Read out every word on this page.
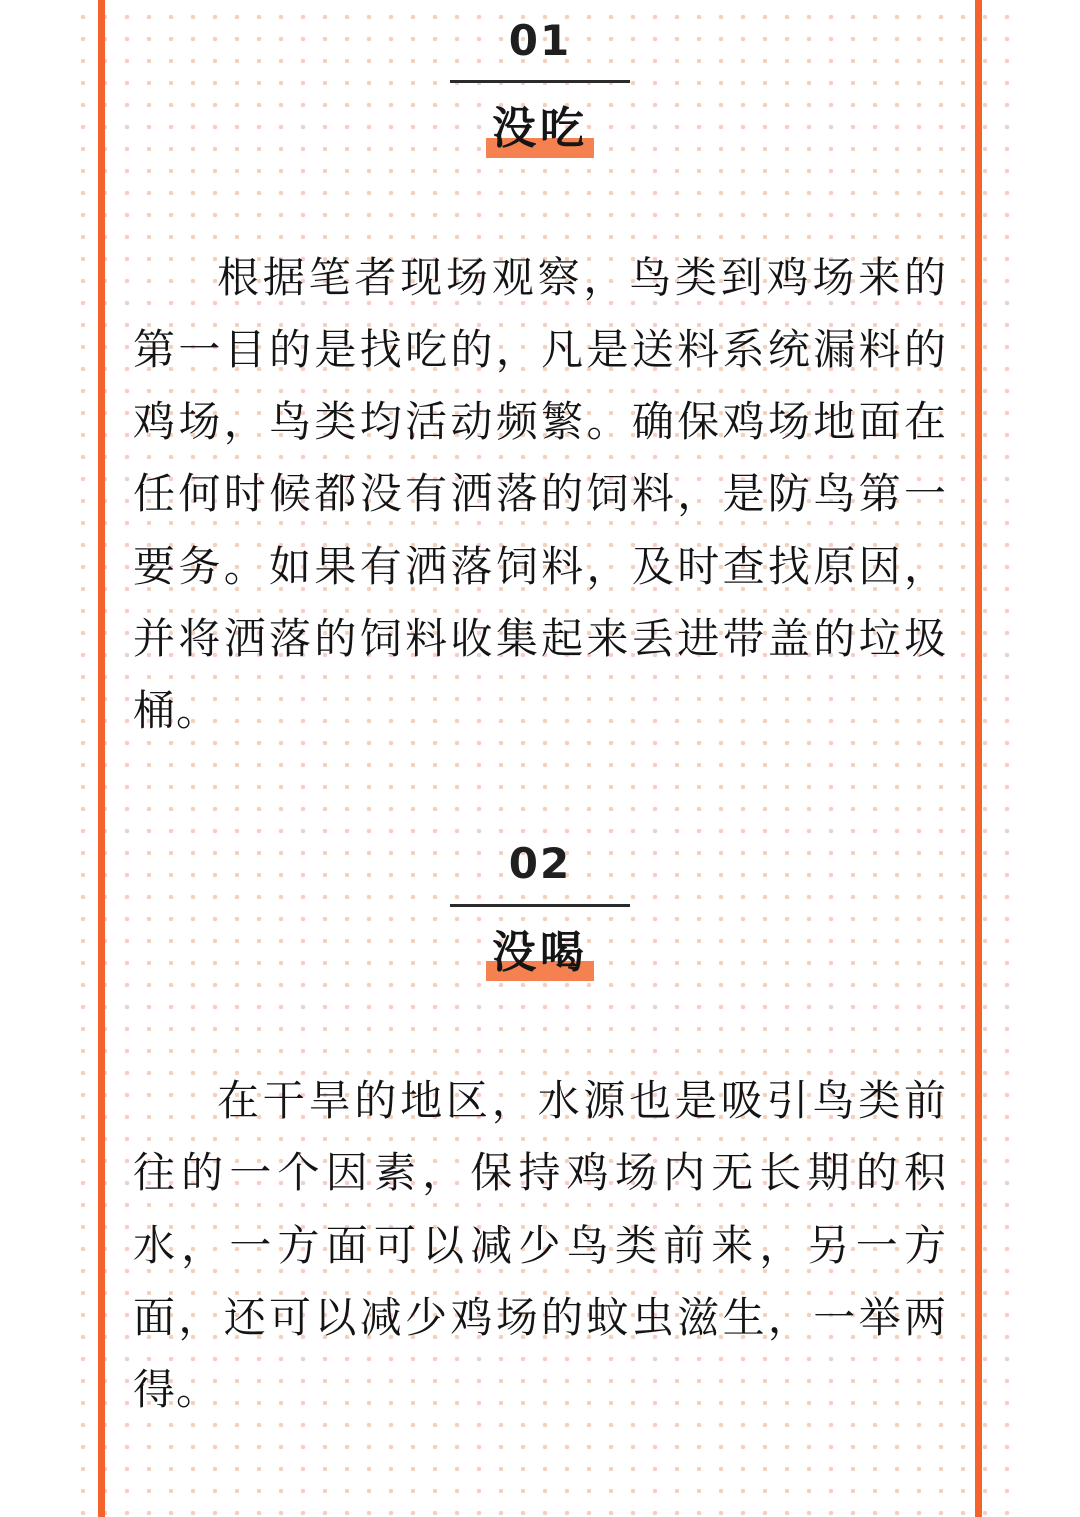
01
没吃

根据笔者现场观察，鸟类到鸡场来的第一目的是找吃的，凡是送料系统漏料的鸡场，鸟类均活动频繁。确保鸡场地面在任何时候都没有洒落的饲料，是防鸟第一要务。如果有洒落饲料，及时查找原因，并将洒落的饲料收集起来丢进带盖的垃圾桶。

02
没喝

在干旱的地区，水源也是吸引鸟类前往的一个因素，保持鸡场内无长期的积水，一方面可以减少鸟类前来，另一方面，还可以减少鸡场的蚊虫滋生，一举两得。
